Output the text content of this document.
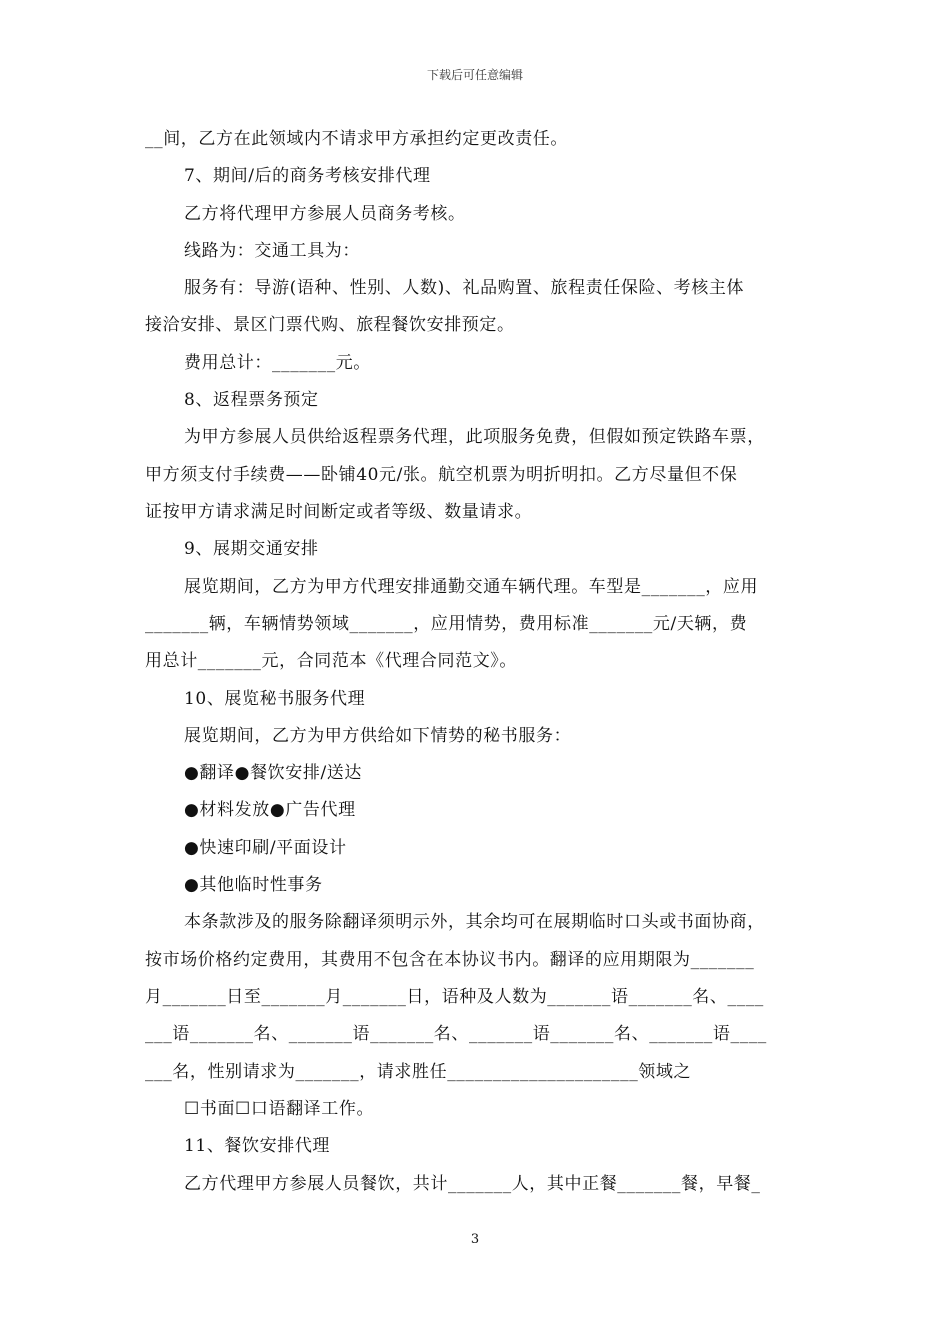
下载后可任意编辑
__间，乙方在此领域内不请求甲方承担约定更改责任。
7、期间/后的商务考核安排代理
乙方将代理甲方参展人员商务考核。
线路为：交通工具为：
服务有：导游(语种、性别、人数)、礼品购置、旅程责任保险、考核主体
接洽安排、景区门票代购、旅程餐饮安排预定。
费用总计：_______元。
8、返程票务预定
为甲方参展人员供给返程票务代理，此项服务免费，但假如预定铁路车票，
甲方须支付手续费——卧铺40元/张。航空机票为明折明扣。乙方尽量但不保
证按甲方请求满足时间断定或者等级、数量请求。
9、展期交通安排
展览期间，乙方为甲方代理安排通勤交通车辆代理。车型是_______，应用
_______辆，车辆情势领域_______，应用情势，费用标准_______元/天辆，费
用总计_______元，合同范本《代理合同范文》。
10、展览秘书服务代理
展览期间，乙方为甲方供给如下情势的秘书服务：
●翻译●餐饮安排/送达
●材料发放●广告代理
●快速印刷/平面设计
●其他临时性事务
本条款涉及的服务除翻译须明示外，其余均可在展期临时口头或书面协商，
按市场价格约定费用，其费用不包含在本协议书内。翻译的应用期限为_______
月_______日至_______月_______日，语种及人数为_______语_______名、____
___语_______名、_______语_______名、_______语_______名、_______语____
___名，性别请求为_______，请求胜任_____________________领域之
☐书面☐口语翻译工作。
11、餐饮安排代理
乙方代理甲方参展人员餐饮，共计_______人，其中正餐_______餐，早餐_
3
